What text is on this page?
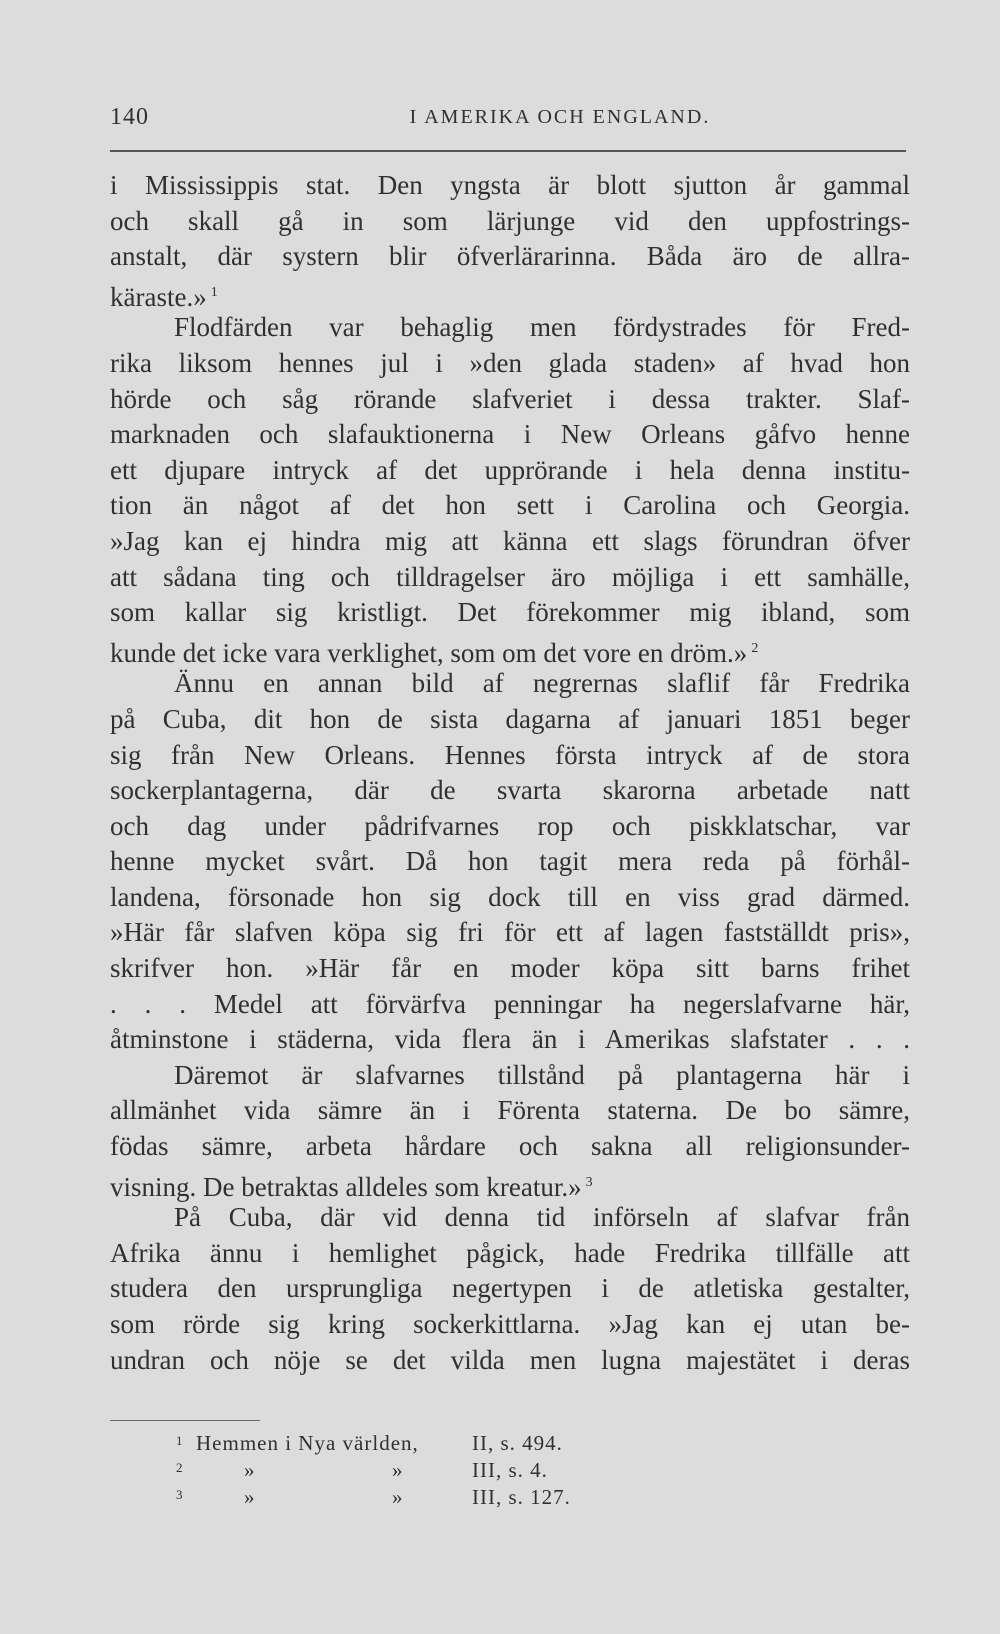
140	I AMERIKA OCH ENGLAND.
i Mississippis stat. Den yngsta är blott sjutton år gammal
och skall gå in som lärjunge vid den uppfostrings-
anstalt, där systern blir öfverlärarinna. Båda äro de allra-
käraste.» $^1$
Flodfärden var behaglig men fördystrades för Fred-
rika liksom hennes jul i »den glada staden» af hvad hon
hörde och såg rörande slafveriet i dessa trakter. Slaf-
marknaden och slafauktionerna i New Orleans gåfvo henne
ett djupare intryck af det upprörande i hela denna institu-
tion än något af det hon sett i Carolina och Georgia.
»Jag kan ej hindra mig att känna ett slags förundran öfver
att sådana ting och tilldragelser äro möjliga i ett samhälle,
som kallar sig kristligt. Det förekommer mig ibland, som
kunde det icke vara verklighet, som om det vore en dröm.» $^2$
Ännu en annan bild af negrernas slaflif får Fredrika
på Cuba, dit hon de sista dagarna af januari 1851 beger
sig från New Orleans. Hennes första intryck af de stora
sockerplantagerna, där de svarta skarorna arbetade natt
och dag under pådrifvarnes rop och piskklatschar, var
henne mycket svårt. Då hon tagit mera reda på förhål-
landena, försonade hon sig dock till en viss grad därmed.
»Här får slafven köpa sig fri för ett af lagen fastställdt pris»,
skrifver hon. »Här får en moder köpa sitt barns frihet
. . . Medel att förvärfva penningar ha negerslafvarne här,
åtminstone i städerna, vida flera än i Amerikas slafstater . . .
Däremot är slafvarnes tillstånd på plantagerna här i
allmänhet vida sämre än i Förenta staterna. De bo sämre,
födas sämre, arbeta hårdare och sakna all religionsunder-
visning. De betraktas alldeles som kreatur.» $^3$
På Cuba, där vid denna tid införseln af slafvar från
Afrika ännu i hemlighet pågick, hade Fredrika tillfälle att
studera den ursprungliga negertypen i de atletiska gestalter,
som rörde sig kring sockerkittlarna. »Jag kan ej utan be-
undran och nöje se det vilda men lugna majestätet i deras
1 Hemmen i Nya världen,	II, s. 494.
2	»	»	III, s. 4.
3	»	»	III, s. 127.
